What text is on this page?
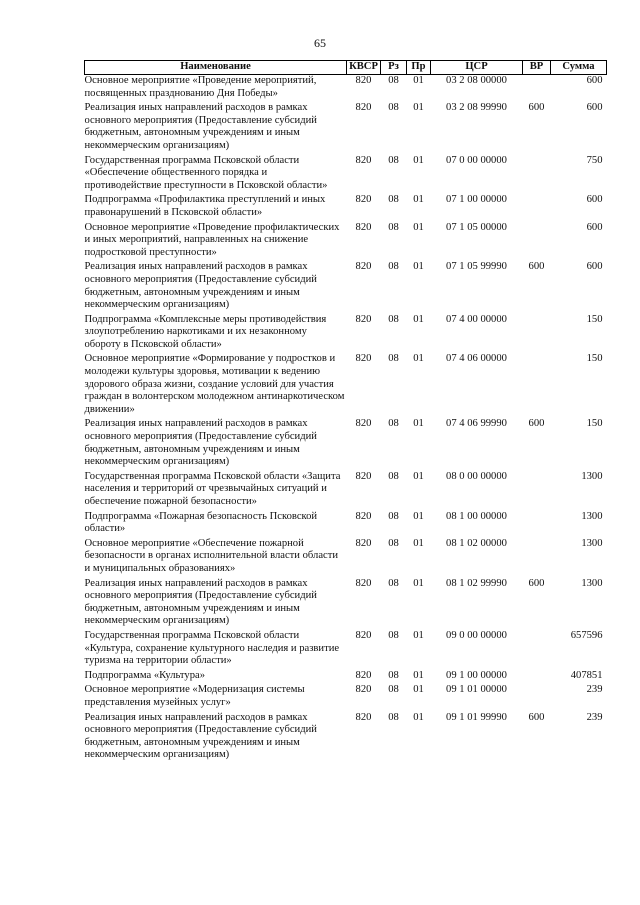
65
Наименование	КВСР	Рз	Пр	ЦСР	ВР	Сумма
Основное мероприятие «Проведение мероприятий, посвященных празднованию Дня Победы»	820	08	01	03 2 08 00000		600
Реализация иных направлений расходов в рамках основного мероприятия (Предоставление субсидий бюджетным, автономным учреждениям и иным некоммерческим организациям)	820	08	01	03 2 08 99990	600	600
Государственная программа Псковской области «Обеспечение общественного порядка и противодействие преступности в Псковской области»	820	08	01	07 0 00 00000		750
Подпрограмма «Профилактика преступлений и иных правонарушений в Псковской области»	820	08	01	07 1 00 00000		600
Основное мероприятие «Проведение профилактических и иных мероприятий, направленных на снижение подростковой преступности»	820	08	01	07 1 05 00000		600
Реализация иных направлений расходов в рамках основного мероприятия (Предоставление субсидий бюджетным, автономным учреждениям и иным некоммерческим организациям)	820	08	01	07 1 05 99990	600	600
Подпрограмма «Комплексные меры противодействия злоупотреблению наркотиками и их незаконному обороту в Псковской области»	820	08	01	07 4 00 00000		150
Основное мероприятие «Формирование у подростков и молодежи культуры здоровья, мотивации к ведению здорового образа жизни, создание условий для участия граждан в волонтерском молодежном антинаркотическом движении»	820	08	01	07 4 06 00000		150
Реализация иных направлений расходов в рамках основного мероприятия (Предоставление субсидий бюджетным, автономным учреждениям и иным некоммерческим организациям)	820	08	01	07 4 06 99990	600	150
Государственная программа Псковской области «Защита населения и территорий от чрезвычайных ситуаций и обеспечение пожарной безопасности»	820	08	01	08 0 00 00000		1300
Подпрограмма «Пожарная безопасность Псковской области»	820	08	01	08 1 00 00000		1300
Основное мероприятие «Обеспечение пожарной безопасности в органах исполнительной власти области и муниципальных образованиях»	820	08	01	08 1 02 00000		1300
Реализация иных направлений расходов в рамках основного мероприятия (Предоставление субсидий бюджетным, автономным учреждениям и иным некоммерческим организациям)	820	08	01	08 1 02 99990	600	1300
Государственная программа Псковской области «Культура, сохранение культурного наследия и развитие туризма на территории области»	820	08	01	09 0 00 00000		657596
Подпрограмма «Культура»	820	08	01	09 1 00 00000		407851
Основное мероприятие «Модернизация системы представления музейных услуг»	820	08	01	09 1 01 00000		239
Реализация иных направлений расходов в рамках основного мероприятия (Предоставление субсидий бюджетным, автономным учреждениям и иным некоммерческим организациям)	820	08	01	09 1 01 99990	600	239
